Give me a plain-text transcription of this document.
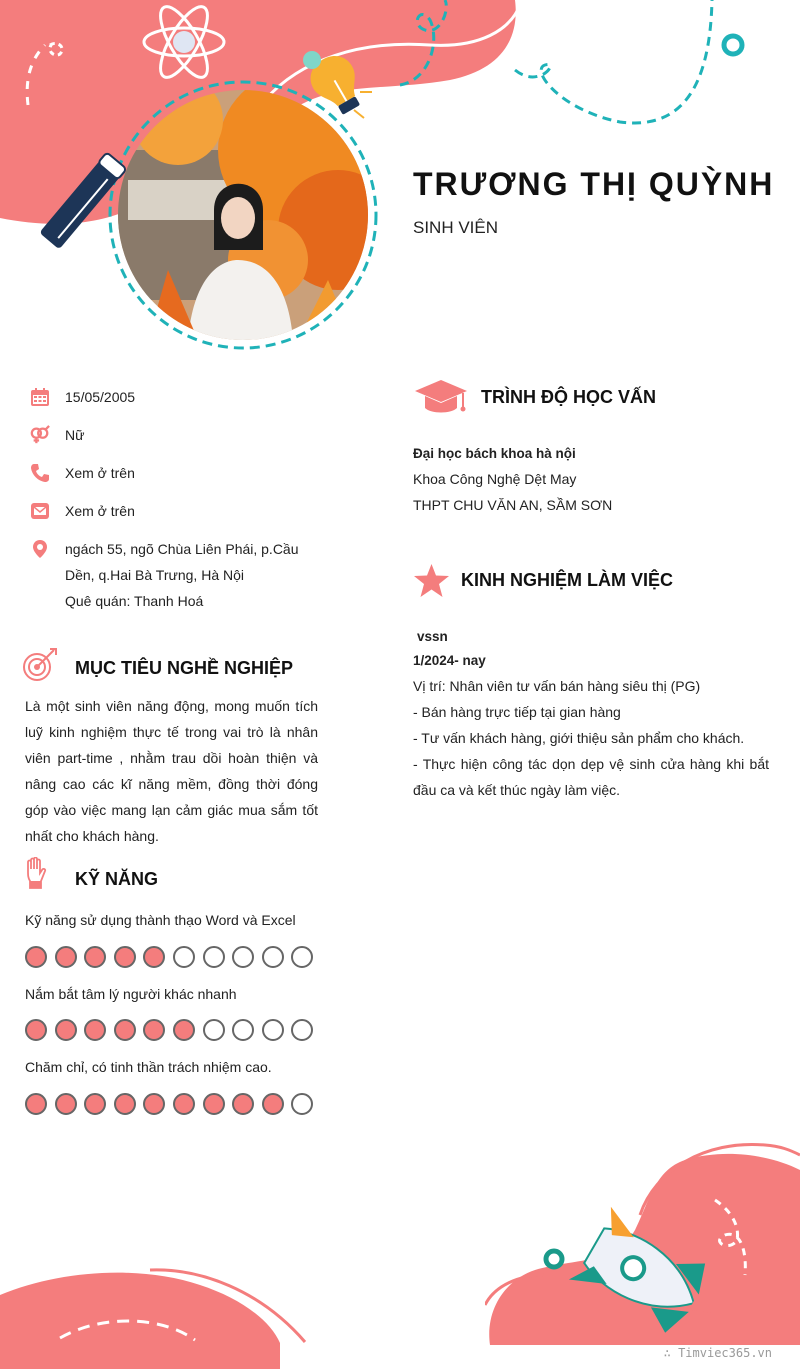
TRƯƠNG THỊ QUỲNH
SINH VIÊN
15/05/2005
Nữ
Xem ở trên
Xem ở trên
ngách 55, ngõ Chùa Liên Phái, p.Cầu
Dền, q.Hai Bà Trưng, Hà Nội
Quê quán: Thanh Hoá
MỤC TIÊU NGHỀ NGHIỆP
Là một sinh viên năng động, mong muốn tích
luỹ kinh nghiệm thực tế trong vai trò là nhân
viên part-time , nhằm trau dồi hoàn thiện và
nâng cao các kĩ năng mềm, đồng thời đóng
góp vào việc mang lạn cảm giác mua sắm tốt
nhất cho khách hàng.
KỸ NĂNG
Kỹ năng sử dụng thành thạo Word và Excel
Nắm bắt tâm lý người khác nhanh
Chăm chỉ, có tinh thần trách nhiệm cao.
TRÌNH ĐỘ HỌC VẤN
Đại học bách khoa hà nội
Khoa Công Nghệ Dệt May
THPT CHU VĂN AN, SẦM SƠN
KINH NGHIỆM LÀM VIỆC
vssn
1/2024- nay
Vị trí: Nhân viên tư vấn bán hàng siêu thị (PG)
- Bán hàng trực tiếp tại gian hàng
- Tư vấn khách hàng, giới thiệu sản phẩm cho khách.
- Thực hiện công tác dọn dẹp vệ sinh cửa hàng khi bắt
đầu ca và kết thúc ngày làm việc.
∴ Timviec365.vn
